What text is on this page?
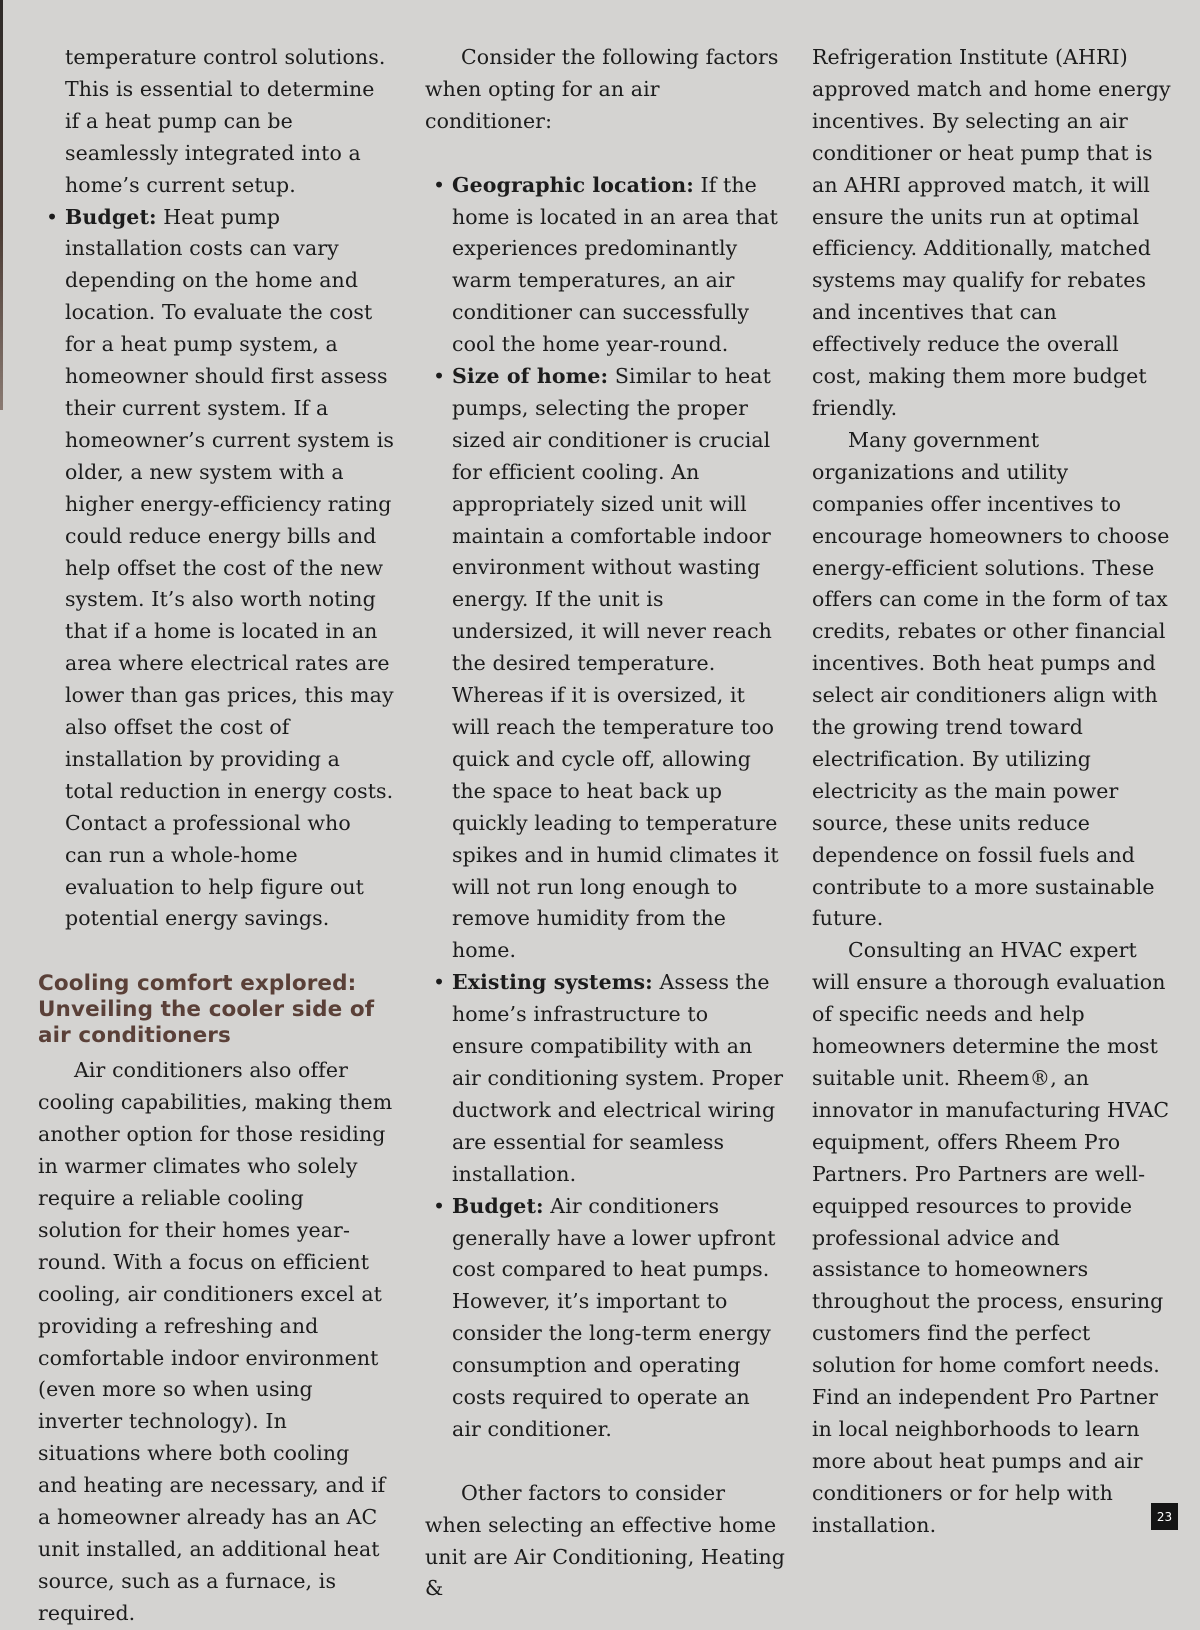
temperature control solutions. This is essential to determine if a heat pump can be seamlessly integrated into a home’s current setup.

• Budget: Heat pump installation costs can vary depending on the home and location. To evaluate the cost for a heat pump system, a homeowner should first assess their current system. If a homeowner’s current system is older, a new system with a higher energy-efficiency rating could reduce energy bills and help offset the cost of the new system. It’s also worth noting that if a home is located in an area where electrical rates are lower than gas prices, this may also offset the cost of installation by providing a total reduction in energy costs. Contact a professional who can run a whole-home evaluation to help figure out potential energy savings.
Cooling comfort explored: Unveiling the cooler side of air conditioners

Air conditioners also offer cooling capabilities, making them another option for those residing in warmer climates who solely require a reliable cooling solution for their homes year-round. With a focus on efficient cooling, air conditioners excel at providing a refreshing and comfortable indoor environment (even more so when using inverter technology). In situations where both cooling and heating are necessary, and if a homeowner already has an AC unit installed, an additional heat source, such as a furnace, is required.

Consider the following factors when opting for an air conditioner:

• Geographic location: If the home is located in an area that experiences predominantly warm temperatures, an air conditioner can successfully cool the home year-round.
• Size of home: Similar to heat pumps, selecting the proper sized air conditioner is crucial for efficient cooling. An appropriately sized unit will maintain a comfortable indoor environment without wasting energy. If the unit is undersized, it will never reach the desired temperature. Whereas if it is oversized, it will reach the temperature too quick and cycle off, allowing the space to heat back up quickly leading to temperature spikes and in humid climates it will not run long enough to remove humidity from the home.
• Existing systems: Assess the home’s infrastructure to ensure compatibility with an air conditioning system. Proper ductwork and electrical wiring are essential for seamless installation.
• Budget: Air conditioners generally have a lower upfront cost compared to heat pumps. However, it’s important to consider the long-term energy consumption and operating costs required to operate an air conditioner.

Other factors to consider when selecting an effective home unit are Air Conditioning, Heating &

Refrigeration Institute (AHRI) approved match and home energy incentives. By selecting an air conditioner or heat pump that is an AHRI approved match, it will ensure the units run at optimal efficiency. Additionally, matched systems may qualify for rebates and incentives that can effectively reduce the overall cost, making them more budget friendly.

Many government organizations and utility companies offer incentives to encourage homeowners to choose energy-efficient solutions. These offers can come in the form of tax credits, rebates or other financial incentives. Both heat pumps and select air conditioners align with the growing trend toward electrification. By utilizing electricity as the main power source, these units reduce dependence on fossil fuels and contribute to a more sustainable future.

Consulting an HVAC expert will ensure a thorough evaluation of specific needs and help homeowners determine the most suitable unit. Rheem®, an innovator in manufacturing HVAC equipment, offers Rheem Pro Partners. Pro Partners are well-equipped resources to provide professional advice and assistance to homeowners throughout the process, ensuring customers find the perfect solution for home comfort needs. Find an independent Pro Partner in local neighborhoods to learn more about heat pumps and air conditioners or for help with installation.	23
